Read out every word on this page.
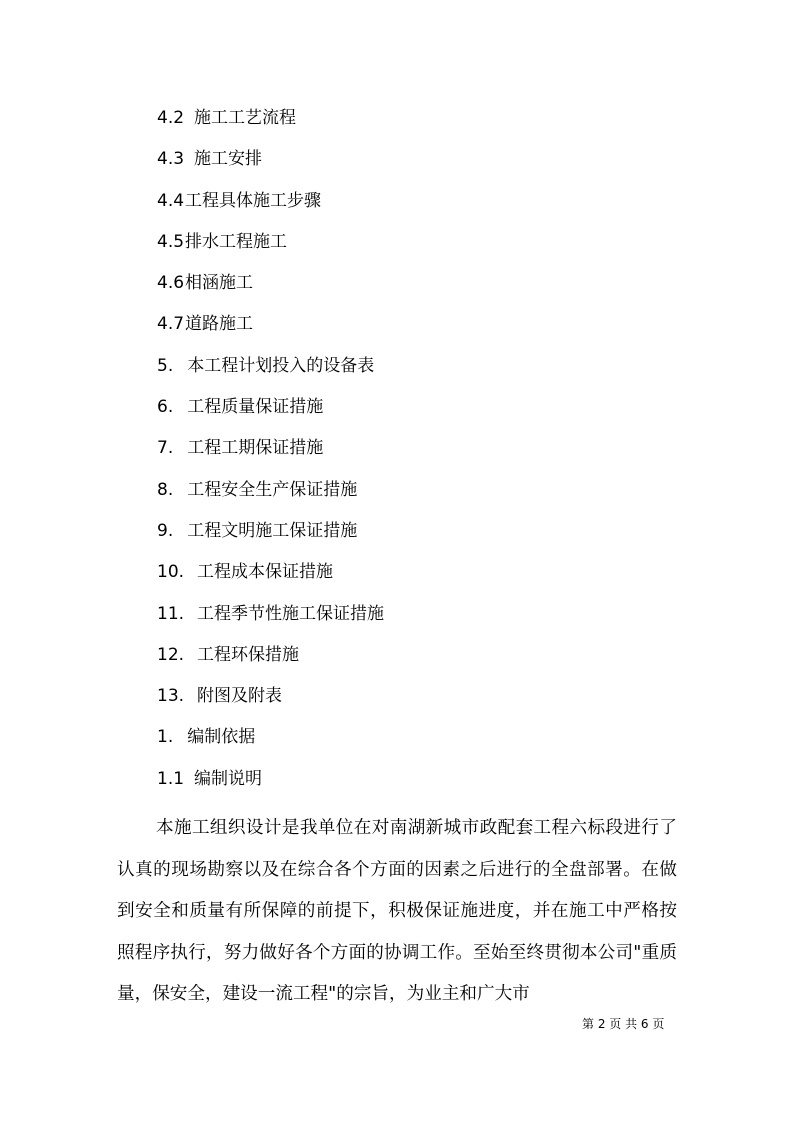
4.2 施工工艺流程
4.3 施工安排
4.4工程具体施工步骤
4.5排水工程施工
4.6相涵施工
4.7道路施工
5. 本工程计划投入的设备表
6. 工程质量保证措施
7. 工程工期保证措施
8. 工程安全生产保证措施
9. 工程文明施工保证措施
10. 工程成本保证措施
11. 工程季节性施工保证措施
12. 工程环保措施
13. 附图及附表
1. 编制依据
1.1 编制说明

本施工组织设计是我单位在对南湖新城市政配套工程六标段进行了认真的现场勘察以及在综合各个方面的因素之后进行的全盘部署。在做到安全和质量有所保障的前提下，积极保证施进度，并在施工中严格按照程序执行，努力做好各个方面的协调工作。至始至终贯彻本公司"重质量，保安全，建设一流工程"的宗旨，为业主和广大市

第 2 页 共 6 页
